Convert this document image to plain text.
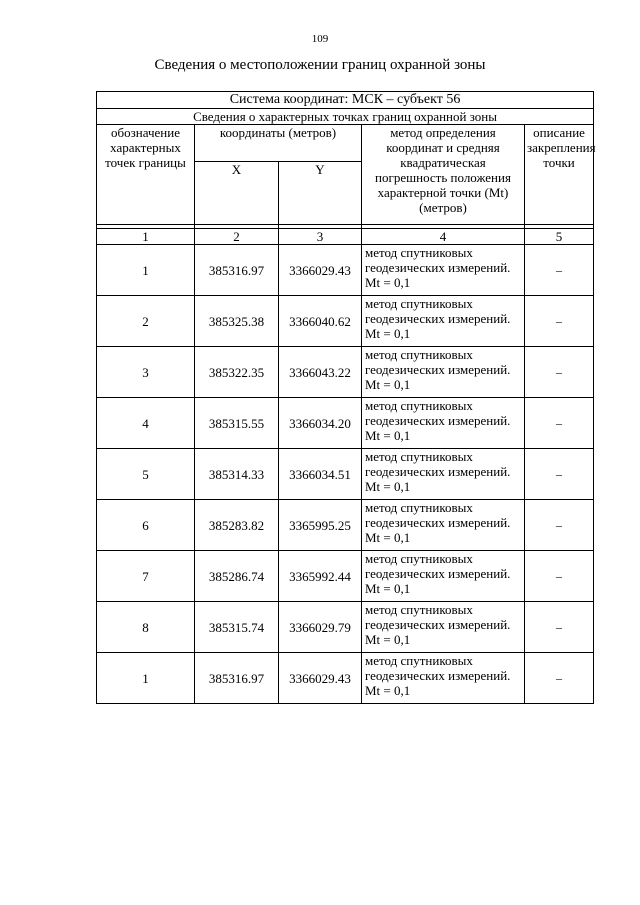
109
Сведения о местоположении границ охранной зоны
Система координат: МСК – субъект 56				
Сведения о характерных точках границ охранной зоны				
обозначение характерных точек границы	координаты (метров)		метод определения координат и средняя квадратическая погрешность положения характерной точки (Mt) (метров)	описание закрепления точки
	X	Y		

1	2	3	4	5
1	385316.97	3366029.43	метод спутниковых геодезических измерений. Mt = 0,1	–
2	385325.38	3366040.62	метод спутниковых геодезических измерений. Mt = 0,1	–
3	385322.35	3366043.22	метод спутниковых геодезических измерений. Mt = 0,1	–
4	385315.55	3366034.20	метод спутниковых геодезических измерений. Mt = 0,1	–
5	385314.33	3366034.51	метод спутниковых геодезических измерений. Mt = 0,1	–
6	385283.82	3365995.25	метод спутниковых геодезических измерений. Mt = 0,1	–
7	385286.74	3365992.44	метод спутниковых геодезических измерений. Mt = 0,1	–
8	385315.74	3366029.79	метод спутниковых геодезических измерений. Mt = 0,1	–
1	385316.97	3366029.43	метод спутниковых геодезических измерений. Mt = 0,1	–
